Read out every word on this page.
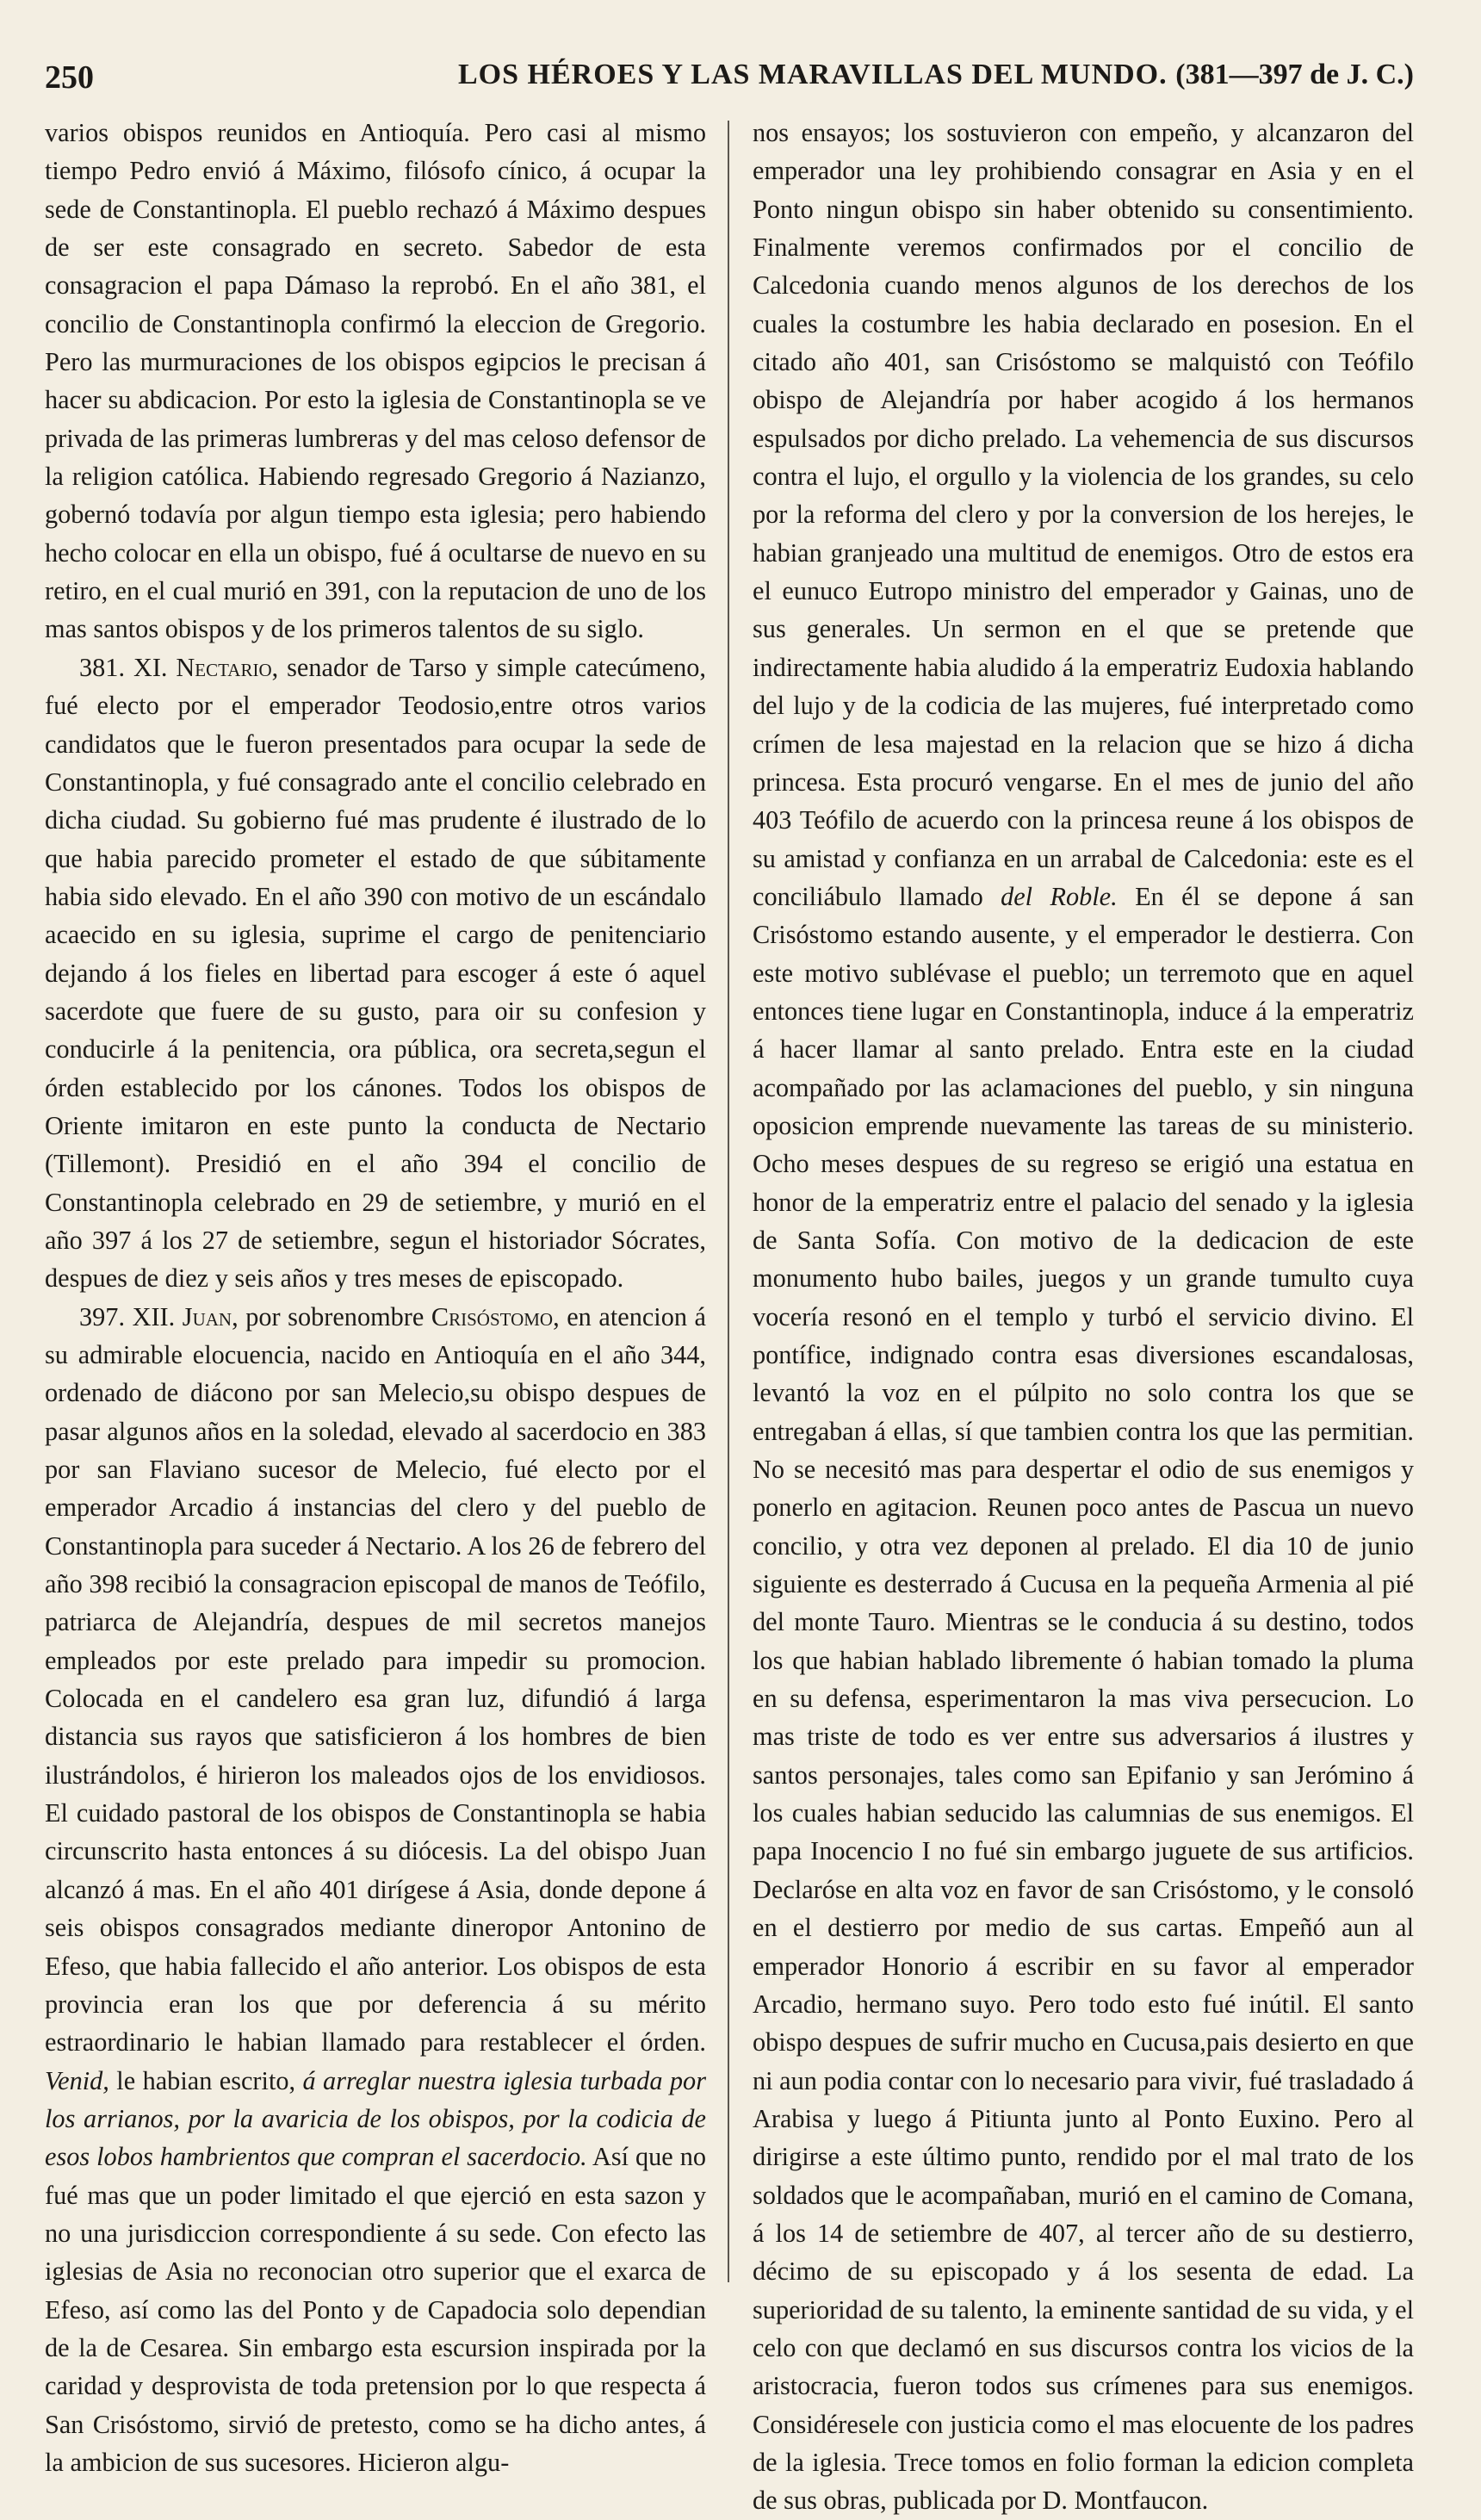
250	LOS HÉROES Y LAS MARAVILLAS DEL MUNDO. (381—397 de J. C.)

varios obispos reunidos en Antioquía. Pero casi al mismo tiempo Pedro envió á Máximo, filósofo cínico, á ocupar la sede de Constantinopla. El pueblo rechazó á Máximo despues de ser este consagrado en secreto. Sabedor de esta consagracion el papa Dámaso la reprobó. En el año 381, el concilio de Constantinopla confirmó la eleccion de Gregorio. Pero las murmuraciones de los obispos egipcios le precisan á hacer su abdicacion. Por esto la iglesia de Constantinopla se ve privada de las primeras lumbreras y del mas celoso defensor de la religion católica. Habiendo regresado Gregorio á Nazianzo, gobernó todavía por algun tiempo esta iglesia; pero habiendo hecho colocar en ella un obispo, fué á ocultarse de nuevo en su retiro, en el cual murió en 391, con la reputacion de uno de los mas santos obispos y de los primeros talentos de su siglo.

381. XI. Nectario, senador de Tarso y simple catecúmeno, fué electo por el emperador Teodosio,entre otros varios candidatos que le fueron presentados para ocupar la sede de Constantinopla, y fué consagrado ante el concilio celebrado en dicha ciudad. Su gobierno fué mas prudente é ilustrado de lo que habia parecido prometer el estado de que súbitamente habia sido elevado. En el año 390 con motivo de un escándalo acaecido en su iglesia, suprime el cargo de penitenciario dejando á los fieles en libertad para escoger á este ó aquel sacerdote que fuere de su gusto, para oir su confesion y conducirle á la penitencia, ora pública, ora secreta,segun el órden establecido por los cánones. Todos los obispos de Oriente imitaron en este punto la conducta de Nectario (Tillemont). Presidió en el año 394 el concilio de Constantinopla celebrado en 29 de setiembre, y murió en el año 397 á los 27 de setiembre, segun el historiador Sócrates, despues de diez y seis años y tres meses de episcopado.

397. XII. Juan, por sobrenombre Crisóstomo, en atencion á su admirable elocuencia, nacido en Antioquía en el año 344, ordenado de diácono por san Melecio,su obispo despues de pasar algunos años en la soledad, elevado al sacerdocio en 383 por san Flaviano sucesor de Melecio, fué electo por el emperador Arcadio á instancias del clero y del pueblo de Constantinopla para suceder á Nectario. A los 26 de febrero del año 398 recibió la consagracion episcopal de manos de Teófilo, patriarca de Alejandría, despues de mil secretos manejos empleados por este prelado para impedir su promocion. Colocada en el candelero esa gran luz, difundió á larga distancia sus rayos que satisficieron á los hombres de bien ilustrándolos, é hirieron los maleados ojos de los envidiosos. El cuidado pastoral de los obispos de Constantinopla se habia circunscrito hasta entonces á su diócesis. La del obispo Juan alcanzó á mas. En el año 401 dirígese á Asia, donde depone á seis obispos consagrados mediante dineropor Antonino de Efeso, que habia fallecido el año anterior. Los obispos de esta provincia eran los que por deferencia á su mérito estraordinario le habian llamado para restablecer el órden. Venid, le habian escrito, á arreglar nuestra iglesia turbada por los arrianos, por la avaricia de los obispos, por la codicia de esos lobos hambrientos que compran el sacerdocio. Así que no fué mas que un poder limitado el que ejerció en esta sazon y no una jurisdiccion correspondiente á su sede. Con efecto las iglesias de Asia no reconocian otro superior que el exarca de Efeso, así como las del Ponto y de Capadocia solo dependian de la de Cesarea. Sin embargo esta escursion inspirada por la caridad y desprovista de toda pretension por lo que respecta á San Crisóstomo, sirvió de pretesto, como se ha dicho antes, á la ambicion de sus sucesores. Hicieron algu-

nos ensayos; los sostuvieron con empeño, y alcanzaron del emperador una ley prohibiendo consagrar en Asia y en el Ponto ningun obispo sin haber obtenido su consentimiento. Finalmente veremos confirmados por el concilio de Calcedonia cuando menos algunos de los derechos de los cuales la costumbre les habia declarado en posesion. En el citado año 401, san Crisóstomo se malquistó con Teófilo obispo de Alejandría por haber acogido á los hermanos espulsados por dicho prelado. La vehemencia de sus discursos contra el lujo, el orgullo y la violencia de los grandes, su celo por la reforma del clero y por la conversion de los herejes, le habian granjeado una multitud de enemigos. Otro de estos era el eunuco Eutropo ministro del emperador y Gainas, uno de sus generales. Un sermon en el que se pretende que indirectamente habia aludido á la emperatriz Eudoxia hablando del lujo y de la codicia de las mujeres, fué interpretado como crímen de lesa majestad en la relacion que se hizo á dicha princesa. Esta procuró vengarse. En el mes de junio del año 403 Teófilo de acuerdo con la princesa reune á los obispos de su amistad y confianza en un arrabal de Calcedonia: este es el conciliábulo llamado del Roble. En él se depone á san Crisóstomo estando ausente, y el emperador le destierra. Con este motivo sublévase el pueblo; un terremoto que en aquel entonces tiene lugar en Constantinopla, induce á la emperatriz á hacer llamar al santo prelado. Entra este en la ciudad acompañado por las aclamaciones del pueblo, y sin ninguna oposicion emprende nuevamente las tareas de su ministerio. Ocho meses despues de su regreso se erigió una estatua en honor de la emperatriz entre el palacio del senado y la iglesia de Santa Sofía. Con motivo de la dedicacion de este monumento hubo bailes, juegos y un grande tumulto cuya vocería resonó en el templo y turbó el servicio divino. El pontífice, indignado contra esas diversiones escandalosas, levantó la voz en el púlpito no solo contra los que se entregaban á ellas, sí que tambien contra los que las permitian. No se necesitó mas para despertar el odio de sus enemigos y ponerlo en agitacion. Reunen poco antes de Pascua un nuevo concilio, y otra vez deponen al prelado. El dia 10 de junio siguiente es desterrado á Cucusa en la pequeña Armenia al pié del monte Tauro. Mientras se le conducia á su destino, todos los que habian hablado libremente ó habian tomado la pluma en su defensa, esperimentaron la mas viva persecucion. Lo mas triste de todo es ver entre sus adversarios á ilustres y santos personajes, tales como san Epifanio y san Jerómino á los cuales habian seducido las calumnias de sus enemigos. El papa Inocencio I no fué sin embargo juguete de sus artificios. Declaróse en alta voz en favor de san Crisóstomo, y le consoló en el destierro por medio de sus cartas. Empeñó aun al emperador Honorio á escribir en su favor al emperador Arcadio, hermano suyo. Pero todo esto fué inútil. El santo obispo despues de sufrir mucho en Cucusa,pais desierto en que ni aun podia contar con lo necesario para vivir, fué trasladado á Arabisa y luego á Pitiunta junto al Ponto Euxino. Pero al dirigirse a este último punto, rendido por el mal trato de los soldados que le acompañaban, murió en el camino de Comana, á los 14 de setiembre de 407, al tercer año de su destierro, décimo de su episcopado y á los sesenta de edad. La superioridad de su talento, la eminente santidad de su vida, y el celo con que declamó en sus discursos contra los vicios de la aristocracia, fueron todos sus crímenes para sus enemigos. Considéresele con justicia como el mas elocuente de los padres de la iglesia. Trece tomos en folio forman la edicion completa de sus obras, publicada por D. Montfaucon.
